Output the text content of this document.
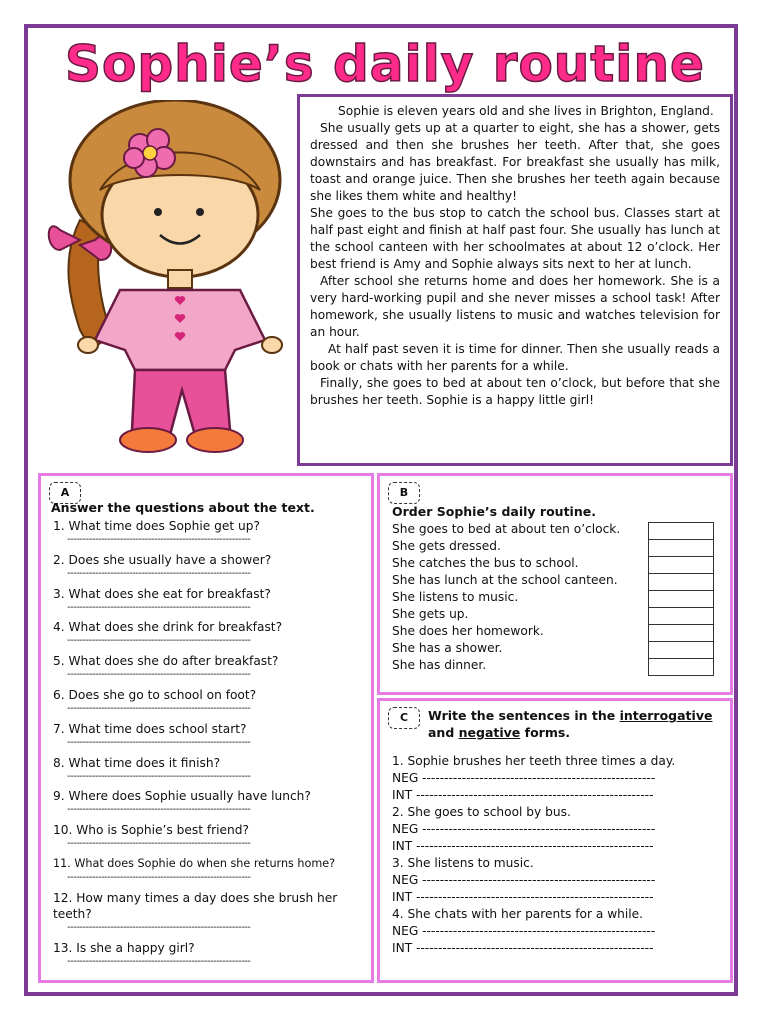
Sophie’s daily routine

Sophie is eleven years old and she lives in Brighton, England.

She usually gets up at a quarter to eight, she has a shower, gets dressed and then she brushes her teeth. After that, she goes downstairs and has breakfast. For breakfast she usually has milk, toast and orange juice. Then she brushes her teeth again because she likes them white and healthy!

She goes to the bus stop to catch the school bus. Classes start at half past eight and finish at half past four. She usually has lunch at the school canteen with her schoolmates at about 12 o’clock. Her best friend is Amy and Sophie always sits next to her at lunch.

After school she returns home and does her homework. She is a very hard-working pupil and she never misses a school task! After homework, she usually listens to music and watches television for an hour.

At half past seven it is time for dinner. Then she usually reads a book or chats with her parents for a while.

Finally, she goes to bed at about ten o’clock, but before that she brushes her teeth. Sophie is a happy little girl!

A
Answer the questions about the text.
1. What time does Sophie get up?
-----------------------------------------------------------
2. Does she usually have a shower?
-----------------------------------------------------------
3. What does she eat for breakfast?
-----------------------------------------------------------
4. What does she drink for breakfast?
-----------------------------------------------------------
5. What does she do after breakfast?
-----------------------------------------------------------
6. Does she go to school on foot?
-----------------------------------------------------------
7. What time does school start?
-----------------------------------------------------------
8. What time does it finish?
-----------------------------------------------------------
9. Where does Sophie usually have lunch?
-----------------------------------------------------------
10. Who is Sophie’s best friend?
-----------------------------------------------------------
11. What does Sophie do when she returns home?
-----------------------------------------------------------
12. How many times a day does she brush her teeth?
-----------------------------------------------------------
13. Is she a happy girl?
-----------------------------------------------------------
B
Order Sophie’s daily routine.
She goes to bed at about ten o’clock.
She gets dressed.
She catches the bus to school.
She has lunch at the school canteen.
She listens to music.
She gets up.
She does her homework.
She has a shower.
She has dinner.
C	Write the sentences in the interrogative
and negative forms.
1. Sophie brushes her teeth three times a day.
NEG -----------------------------------------------------
INT ------------------------------------------------------
2. She goes to school by bus.
NEG -----------------------------------------------------
INT ------------------------------------------------------
3. She listens to music.
NEG -----------------------------------------------------
INT ------------------------------------------------------
4. She chats with her parents for a while.
NEG -----------------------------------------------------
INT ------------------------------------------------------
